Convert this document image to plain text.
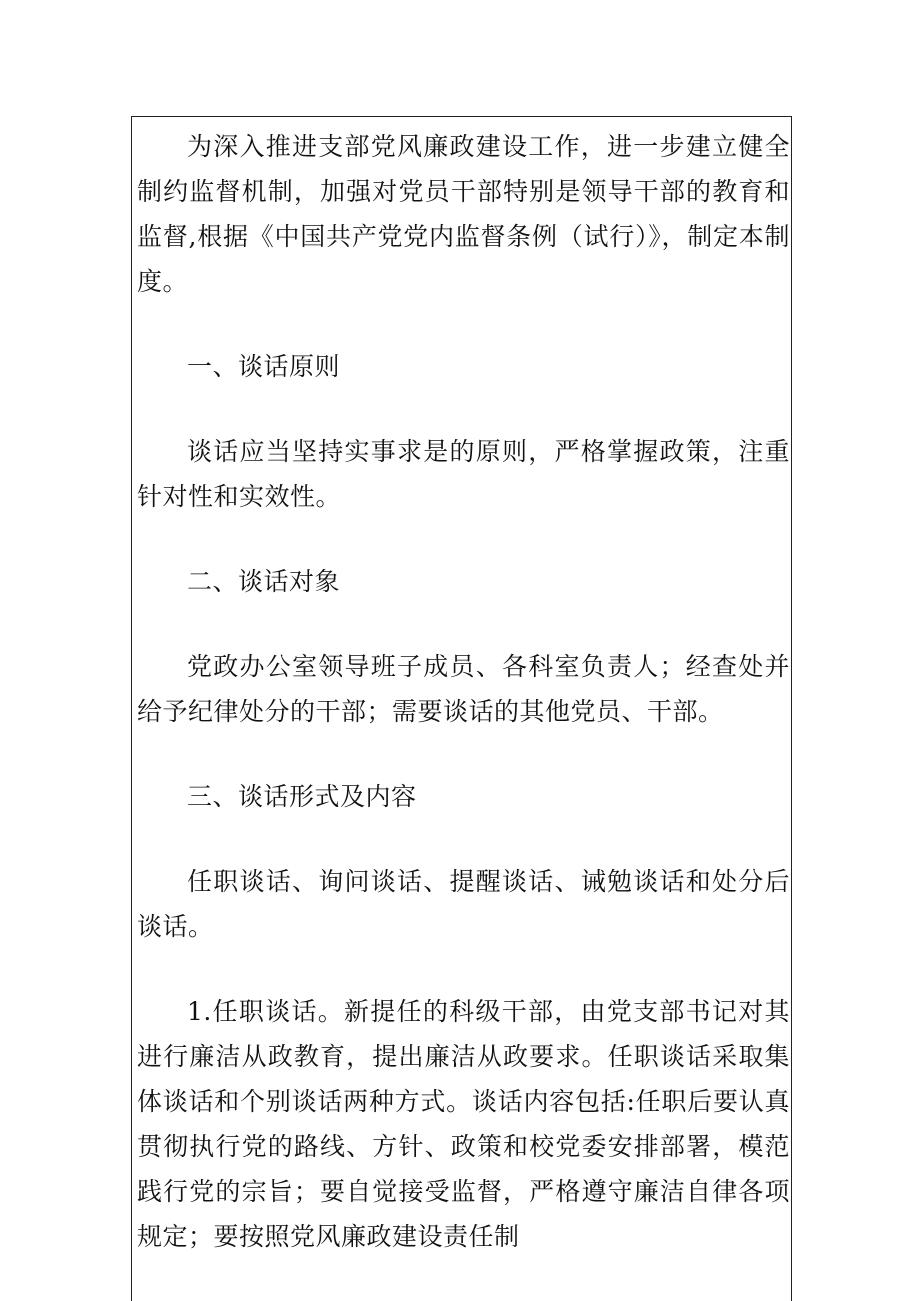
为深入推进支部党风廉政建设工作，进一步建立健全制约监督机制，加强对党员干部特别是领导干部的教育和监督,根据《中国共产党党内监督条例（试行）》，制定本制度。

一、谈话原则

谈话应当坚持实事求是的原则，严格掌握政策，注重针对性和实效性。

二、谈话对象

党政办公室领导班子成员、各科室负责人；经查处并给予纪律处分的干部；需要谈话的其他党员、干部。

三、谈话形式及内容

任职谈话、询问谈话、提醒谈话、诫勉谈话和处分后谈话。

1.任职谈话。新提任的科级干部，由党支部书记对其进行廉洁从政教育，提出廉洁从政要求。任职谈话采取集体谈话和个别谈话两种方式。谈话内容包括:任职后要认真贯彻执行党的路线、方针、政策和校党委安排部署，模范践行党的宗旨；要自觉接受监督，严格遵守廉洁自律各项规定；要按照党风廉政建设责任制
